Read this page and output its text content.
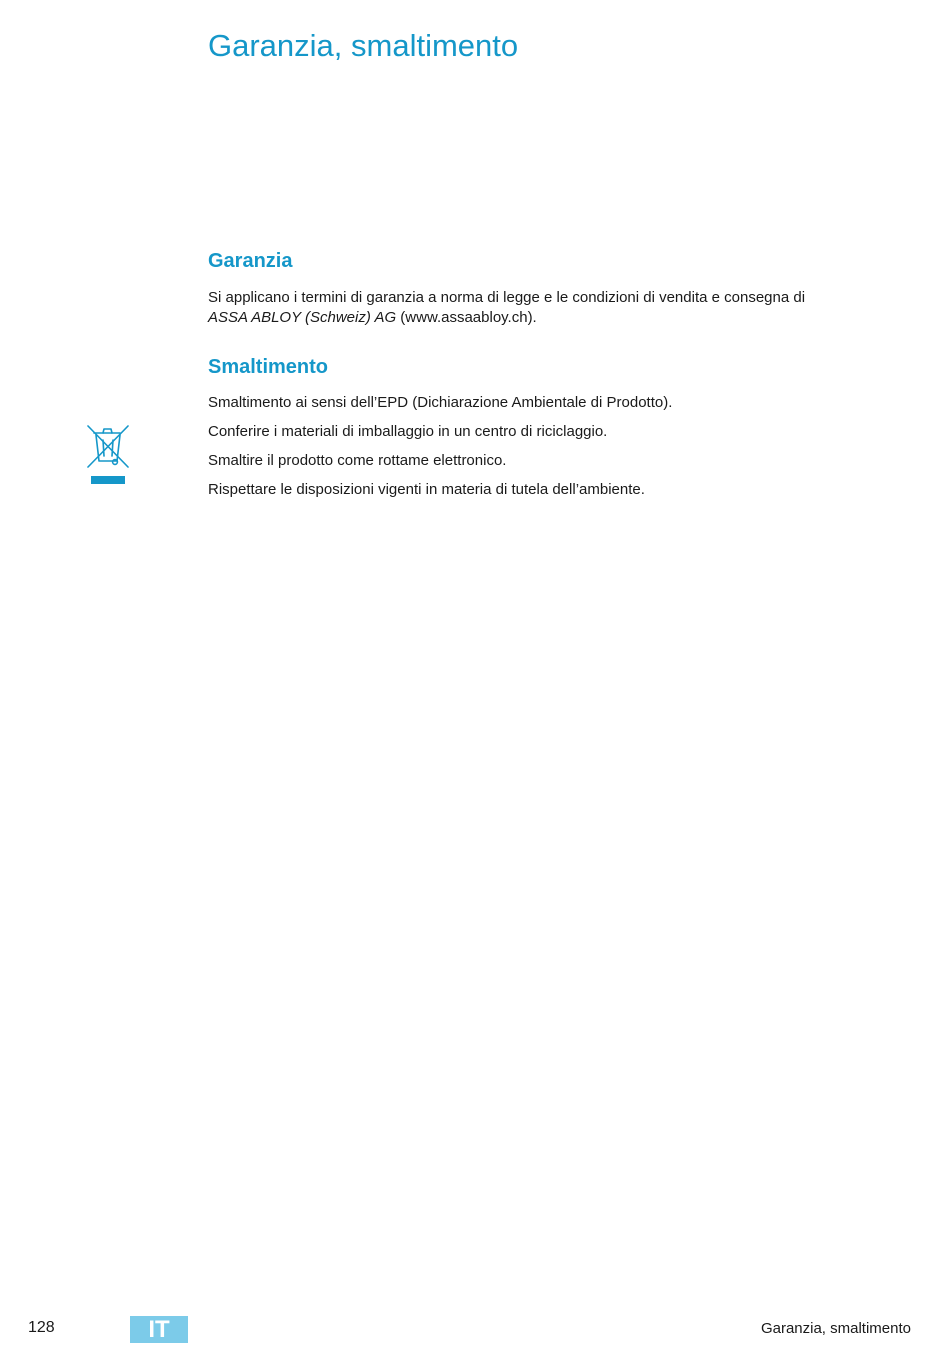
Garanzia, smaltimento
Garanzia

Si applicano i termini di garanzia a norma di legge e le condizioni di vendita e consegna di
ASSA ABLOY (Schweiz) AG (www.assaabloy.ch).

Smaltimento

Smaltimento ai sensi dell’EPD (Dichiarazione Ambientale di Prodotto).

Conferire i materiali di imballaggio in un centro di riciclaggio.

Smaltire il prodotto come rottame elettronico.

Rispettare le disposizioni vigenti in materia di tutela dell’ambiente.

128	IT	Garanzia, smaltimento
